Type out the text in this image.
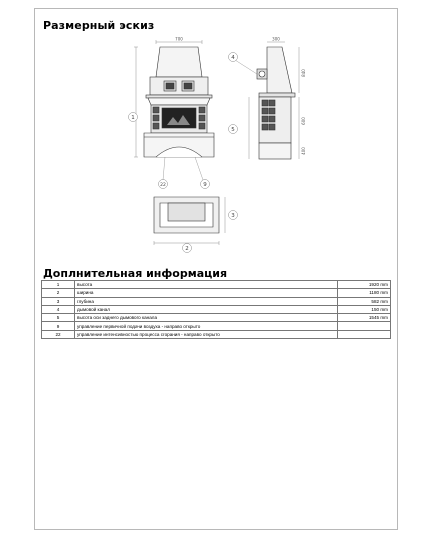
Размерный эскиз
700	300
840
600
400
1
2
3
4
5
22	9
Доплнительная информация
1	высота	1920 mm
2	ширина	1180 mm
3	глубина	582 mm
4	дымовой канал	150 mm
5	высота оси заднего дымового канала	1545 mm
9	управление первичной подачи воздуха - направо открыто	
22	управление интенсивностью процесса сгорания - направо открыто	
